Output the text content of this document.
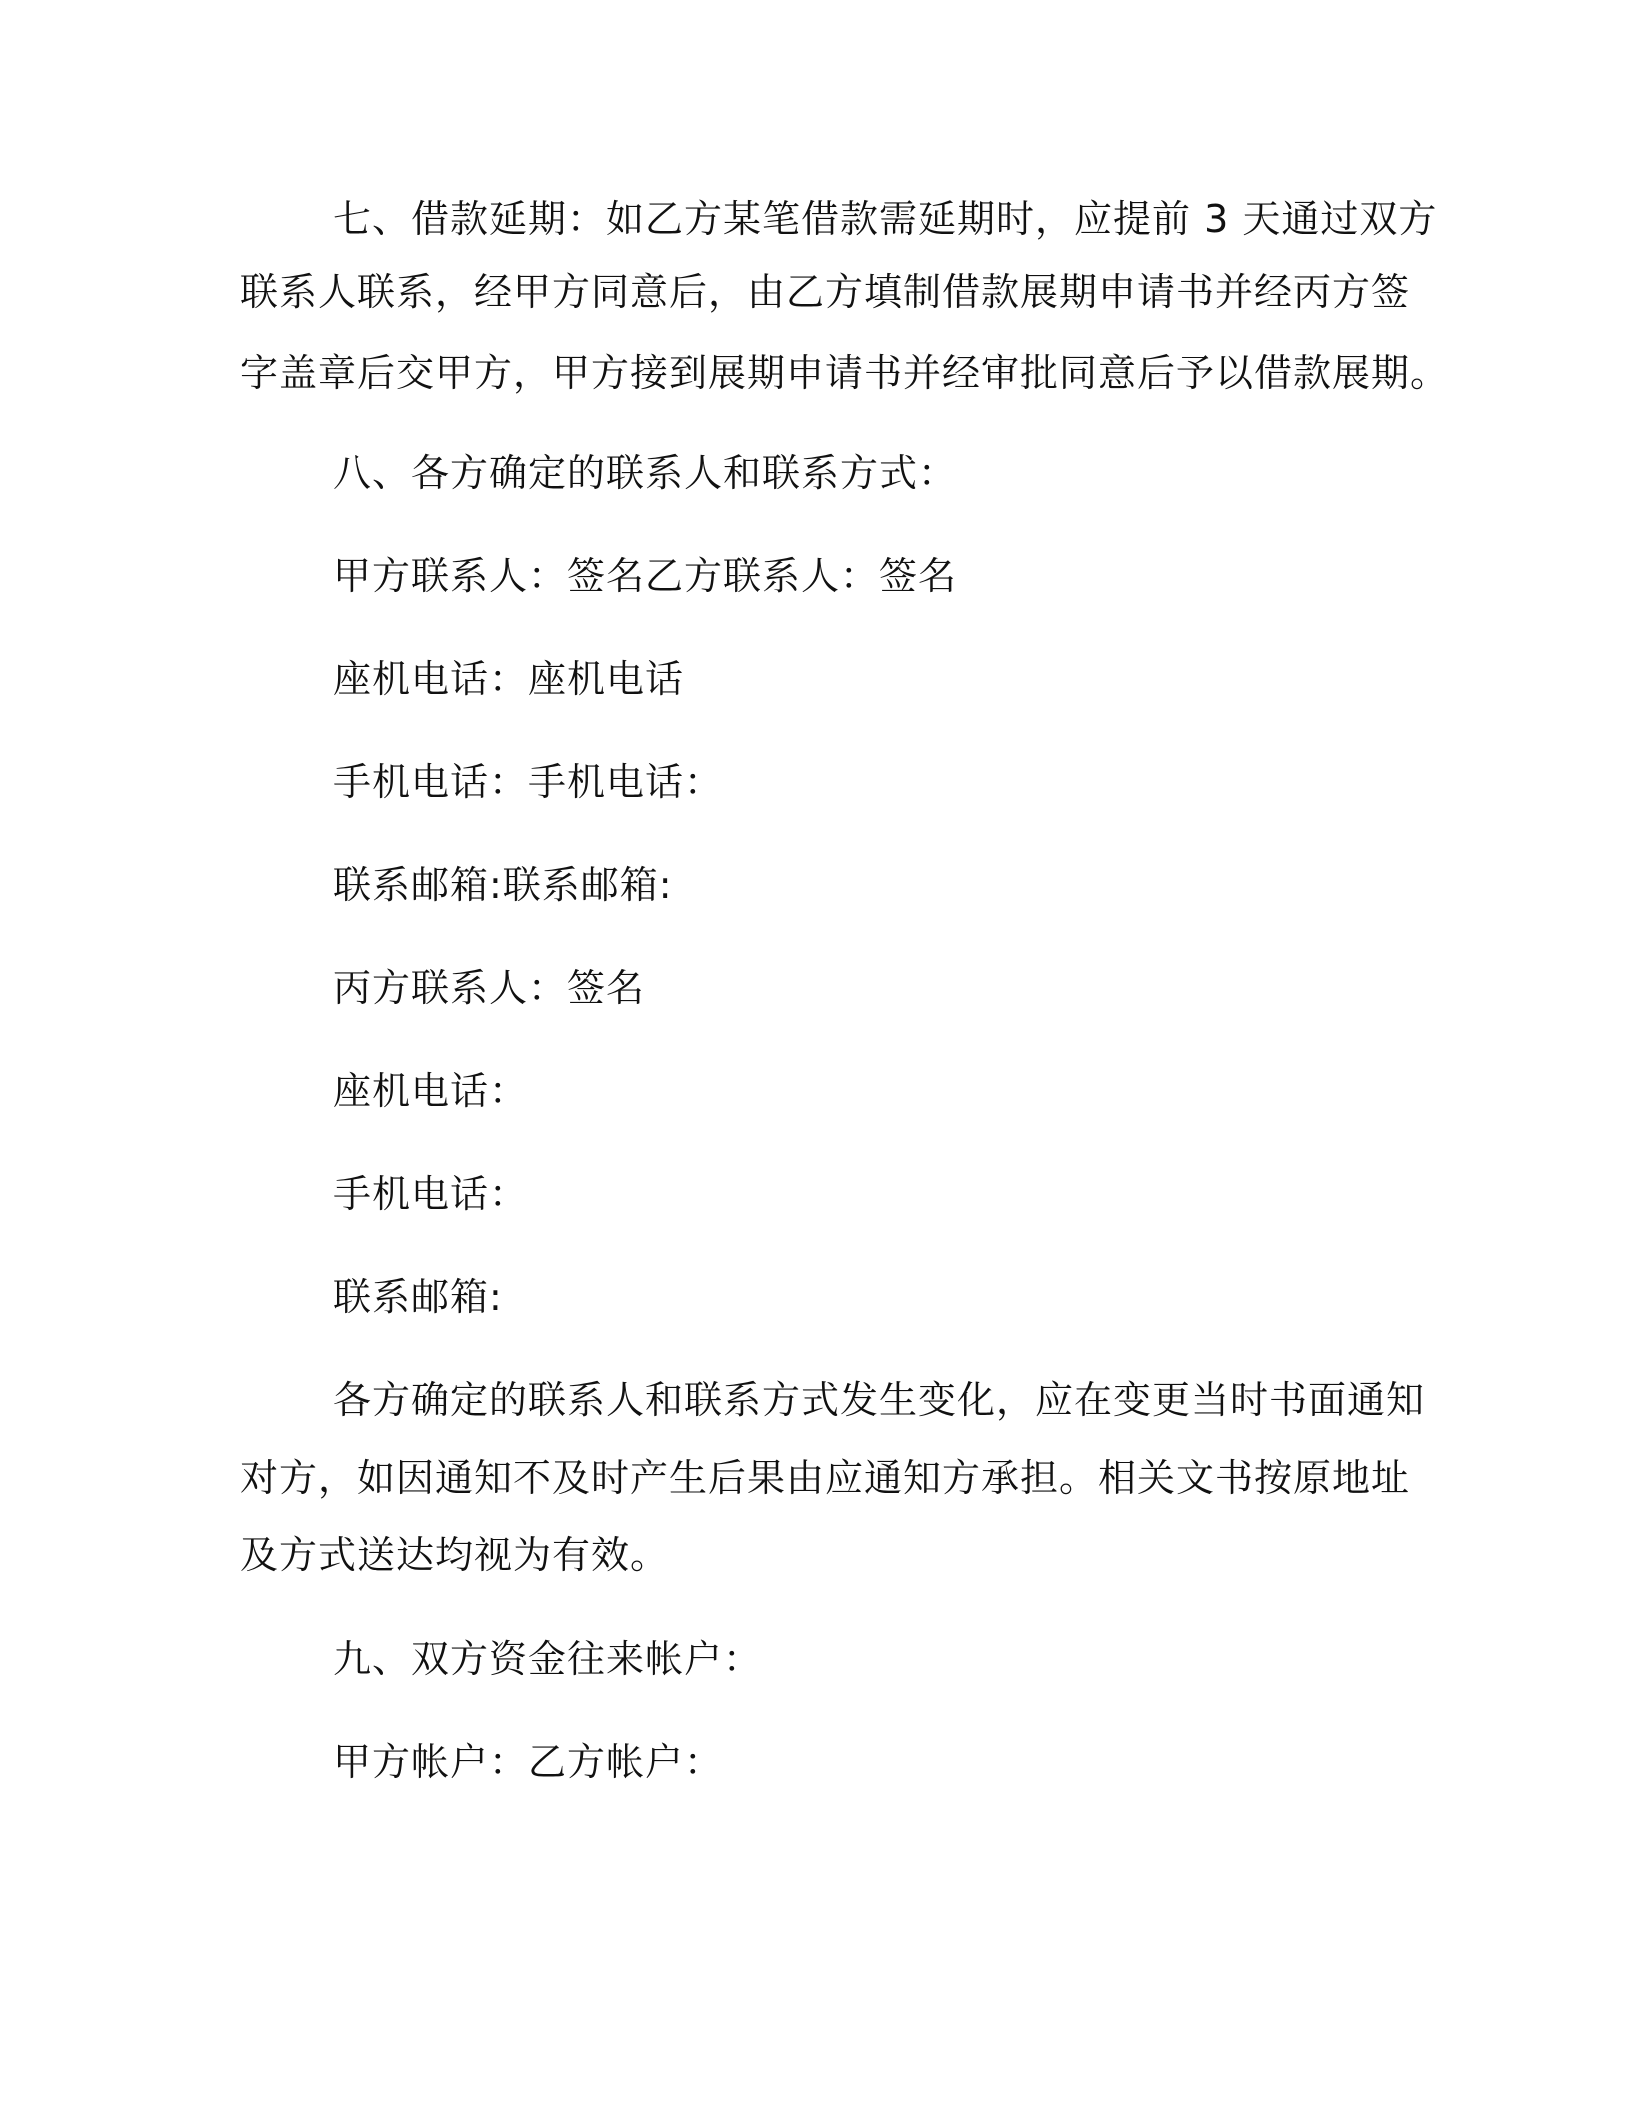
七、借款延期：如乙方某笔借款需延期时，应提前 3 天通过双方
联系人联系，经甲方同意后，由乙方填制借款展期申请书并经丙方签
字盖章后交甲方，甲方接到展期申请书并经审批同意后予以借款展期。
八、各方确定的联系人和联系方式：
甲方联系人：签名乙方联系人：签名
座机电话：座机电话
手机电话：手机电话：
联系邮箱:联系邮箱:
丙方联系人：签名
座机电话：
手机电话：
联系邮箱:
各方确定的联系人和联系方式发生变化，应在变更当时书面通知
对方，如因通知不及时产生后果由应通知方承担。相关文书按原地址
及方式送达均视为有效。
九、双方资金往来帐户：
甲方帐户：乙方帐户：
